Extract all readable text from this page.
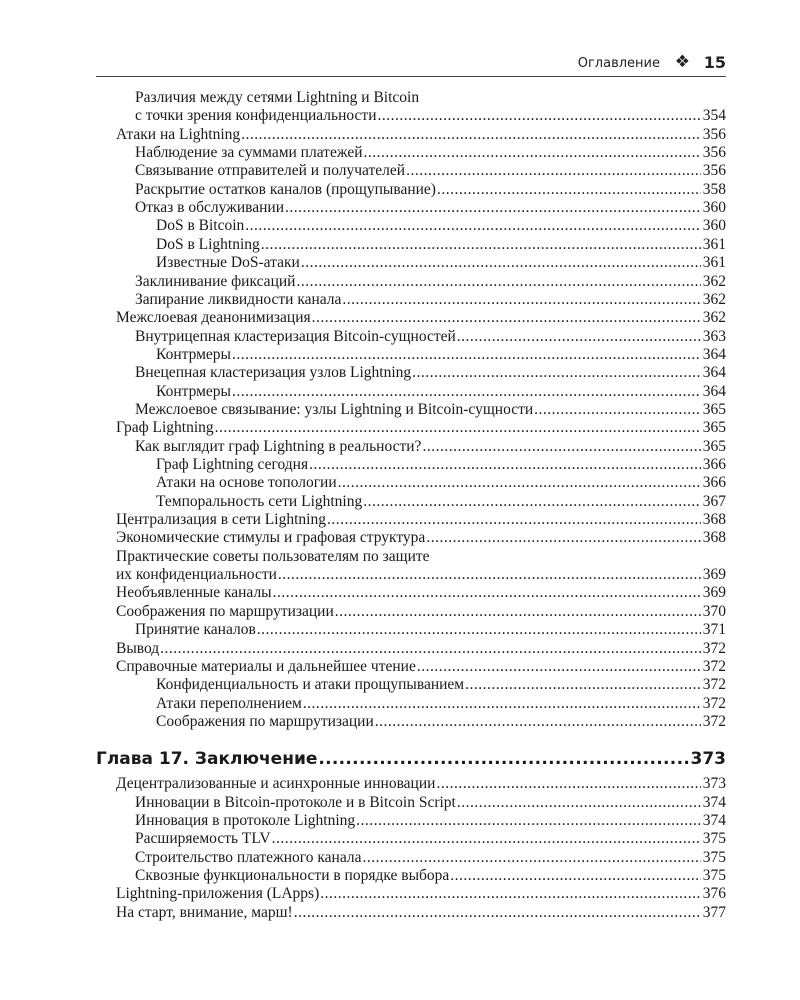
Оглавление ❖ 15
Различия между сетями Lightning и Bitcoin
с точки зрения конфиденциальности .....	354
Атаки на Lightning .....	356
Наблюдение за суммами платежей .....	356
Связывание отправителей и получателей .....	356
Раскрытие остатков каналов (прощупывание) .....	358
Отказ в обслуживании .....	360
DoS в Bitcoin .....	360
DoS в Lightning .....	361
Известные DoS-атаки .....	361
Заклинивание фиксаций .....	362
Запирание ликвидности канала .....	362
Межслоевая деанонимизация .....	362
Внутрицепная кластеризация Bitcoin-сущностей .....	363
Контрмеры .....	364
Внецепная кластеризация узлов Lightning .....	364
Контрмеры .....	364
Межслоевое связывание: узлы Lightning и Bitcoin-сущности .....	365
Граф Lightning .....	365
Как выглядит граф Lightning в реальности? .....	365
Граф Lightning сегодня .....	366
Атаки на основе топологии .....	366
Темпоральность сети Lightning .....	367
Централизация в сети Lightning .....	368
Экономические стимулы и графовая структура .....	368
Практические советы пользователям по защите
их конфиденциальности .....	369
Необъявленные каналы .....	369
Соображения по маршрутизации .....	370
Принятие каналов .....	371
Вывод .....	372
Справочные материалы и дальнейшее чтение .....	372
Конфиденциальность и атаки прощупыванием .....	372
Атаки переполнением .....	372
Соображения по маршрутизации .....	372
Глава 17. Заключение .....	373
Децентрализованные и асинхронные инновации .....	373
Инновации в Bitcoin-протоколе и в Bitcoin Script .....	374
Инновация в протоколе Lightning .....	374
Расширяемость TLV .....	375
Строительство платежного канала .....	375
Сквозные функциональности в порядке выбора .....	375
Lightning-приложения (LApps) .....	376
На старт, внимание, марш! .....	377
